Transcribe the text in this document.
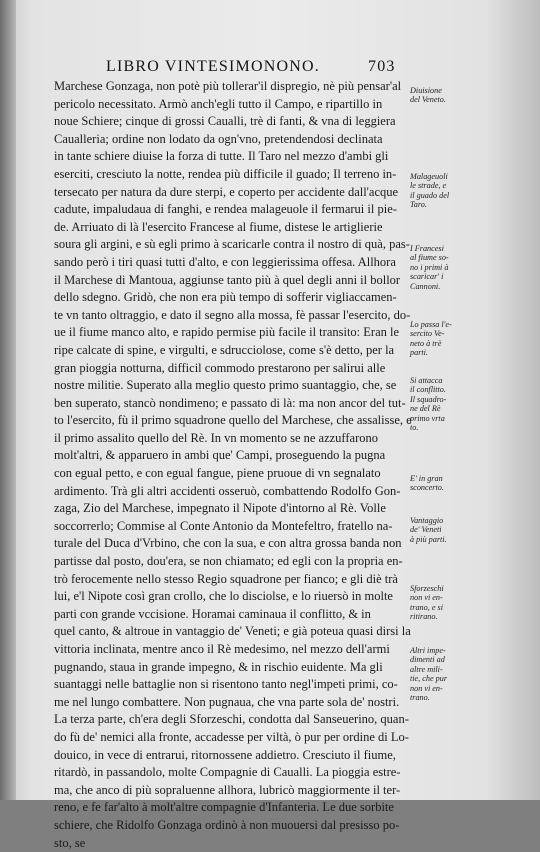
LIBRO VINTESIMONONO.	703
Marchese Gonzaga, non potè più tollerar'il dispregio, nè più pensar'al
pericolo necessitato. Armò anch'egli tutto il Campo, e ripartillo in
noue Schiere; cinque di grossi Caualli, trè di fanti, & vna di leggiera
Caualleria; ordine non lodato da ogn'vno, pretendendosi declinata
in tante schiere diuise la forza di tutte. Il Taro nel mezzo d'ambi gli
eserciti, cresciuto la notte, rendea più difficile il guado; Il terreno in-
tersecato per natura da dure sterpi, e coperto per accidente dall'acque
cadute, impaludaua di fanghi, e rendea malageuole il fermarui il pie-
de. Arriuato di là l'esercito Francese al fiume, distese le artiglierie
soura gli argini, e sù egli primo à scaricarle contra il nostro di quà, pas-
sando però i tiri quasi tutti d'alto, e con leggierissima offesa. Allhora
il Marchese di Mantoua, aggiunse tanto più à quel degli anni il bollor
dello sdegno. Gridò, che non era più tempo di sofferir vigliaccamen-
te vn tanto oltraggio, e dato il segno alla mossa, fè passar l'esercito, do-
ue il fiume manco alto, e rapido permise più facile il transito: Eran le
ripe calcate di spine, e virgulti, e sdrucciolose, come s'è detto, per la
gran pioggia notturna, difficil commodo prestarono per salirui alle
nostre militie. Superato alla meglio questo primo suantaggio, che, se
ben superato, stancò nondimeno; e passato di là: ma non ancor del tut-
to l'esercito, fù il primo squadrone quello del Marchese, che assalisse, e
il primo assalito quello del Rè. In vn momento se ne azzuffarono
molt'altri, & apparuero in ambi que' Campi, proseguendo la pugna
con egual petto, e con egual fangue, piene pruoue di vn segnalato
ardimento. Trà gli altri accidenti osseruò, combattendo Rodolfo Gon-
zaga, Zio del Marchese, impegnato il Nipote d'intorno al Rè. Volle
soccorrerlo; Commise al Conte Antonio da Montefeltro, fratello na-
turale del Duca d'Vrbino, che con la sua, e con altra grossa banda non
partisse dal posto, dou'era, se non chiamato; ed egli con la propria en-
trò ferocemente nello stesso Regio squadrone per fianco; e gli diè trà
lui, e'l Nipote così gran crollo, che lo disciolse, e lo riuersò in molte
parti con grande vccisione. Horamai caminaua il conflitto, & in
quel canto, & altroue in vantaggio de' Veneti; e già poteua quasi dirsi la
vittoria inclinata, mentre anco il Rè medesimo, nel mezzo dell'armi
pugnando, staua in grande impegno, & in rischio euidente. Ma gli
suantaggi nelle battaglie non si risentono tanto negl'impeti primi, co-
me nel lungo combattere. Non pugnaua, che vna parte sola de' nostri.
La terza parte, ch'era degli Sforzeschi, condotta dal Sanseuerino, quan-
do fù de' nemici alla fronte, accadesse per viltà, ò pur per ordine di Lo-
douico, in vece di entrarui, ritornossene addietro. Cresciuto il fiume,
ritardò, in passandolo, molte Compagnie di Caualli. La pioggia estre-
ma, che anco di più sopraluenne allhora, lubricò maggiormente il ter-
reno, e fe far'alto à molt'altre compagnie d'Infanteria. Le due sorbite
schiere, che Ridolfo Gonzaga ordinò à non muouersi dal presisso po-
sto, se
Diuisione
del Veneto.
Malageuoli
le strade, e
il guado del
Taro.
I Francesi
al fiume so-
no i primi à
scaricar' i
Cannoni.
Lo passa l'e-
sercito Ve-
neto à trè
parti.
Si attacca
il conflitto.
Il squadro-
ne del Rè
primo vrta
to.
E' in gran
sconcerto.
Vantaggio
de' Veneti
à più parti.
Sforzeschi
non vi en-
trano, e si
ritirano.
Altri impe-
dimenti ad
altre mili-
tie, che pur
non vi en-
trano.
